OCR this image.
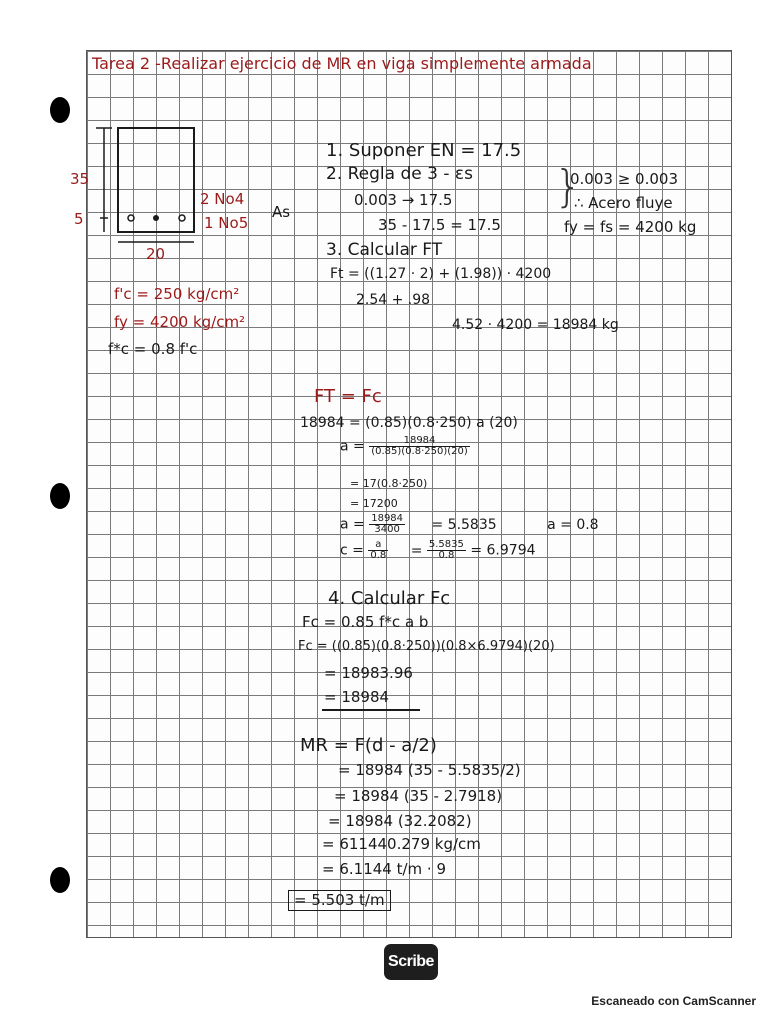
Tarea 2 -Realizar ejercicio de MR en viga simplemente armada
35
5
20
2 No4
1 No5
As
f'c = 250 kg/cm²
fy = 4200 kg/cm²
f*c = 0.8 f'c
1. Suponer EN = 17.5
2. Regla de 3 - εs
0.003 → 17.5
35 - 17.5 = 17.5
}
0.003 ≥ 0.003
∴ Acero fluye
fy = fs = 4200 kg
3. Calcular FT
Ft = ((1.27 · 2) + (1.98)) · 4200
2.54 + .98
4.52 · 4200 = 18984 kg
FT = Fc
18984 = (0.85)(0.8·250) a (20)
$a = \frac{18984}{(0.85)(0.8\cdot 250)(20)}$
= 17(0.8·250)
= 17200
$a = \frac{18984}{3400} = 5.5835$	a = 0.8
$c = \frac{a}{0.8} = \frac{5.5835}{0.8} = 6.9794$
4. Calcular Fc
Fc = 0.85 f*c a b
Fc = ((0.85)(0.8·250))(0.8×6.9794)(20)
= 18983.96
= 18984
MR = F(d - a/2)
= 18984 (35 - 5.5835/2)
= 18984 (35 - 2.7918)
= 18984 (32.2082)
= 611440.279 kg/cm
= 6.1144 t/m · 9
= 5.503 t/m
Scribe
Escaneado con CamScanner
